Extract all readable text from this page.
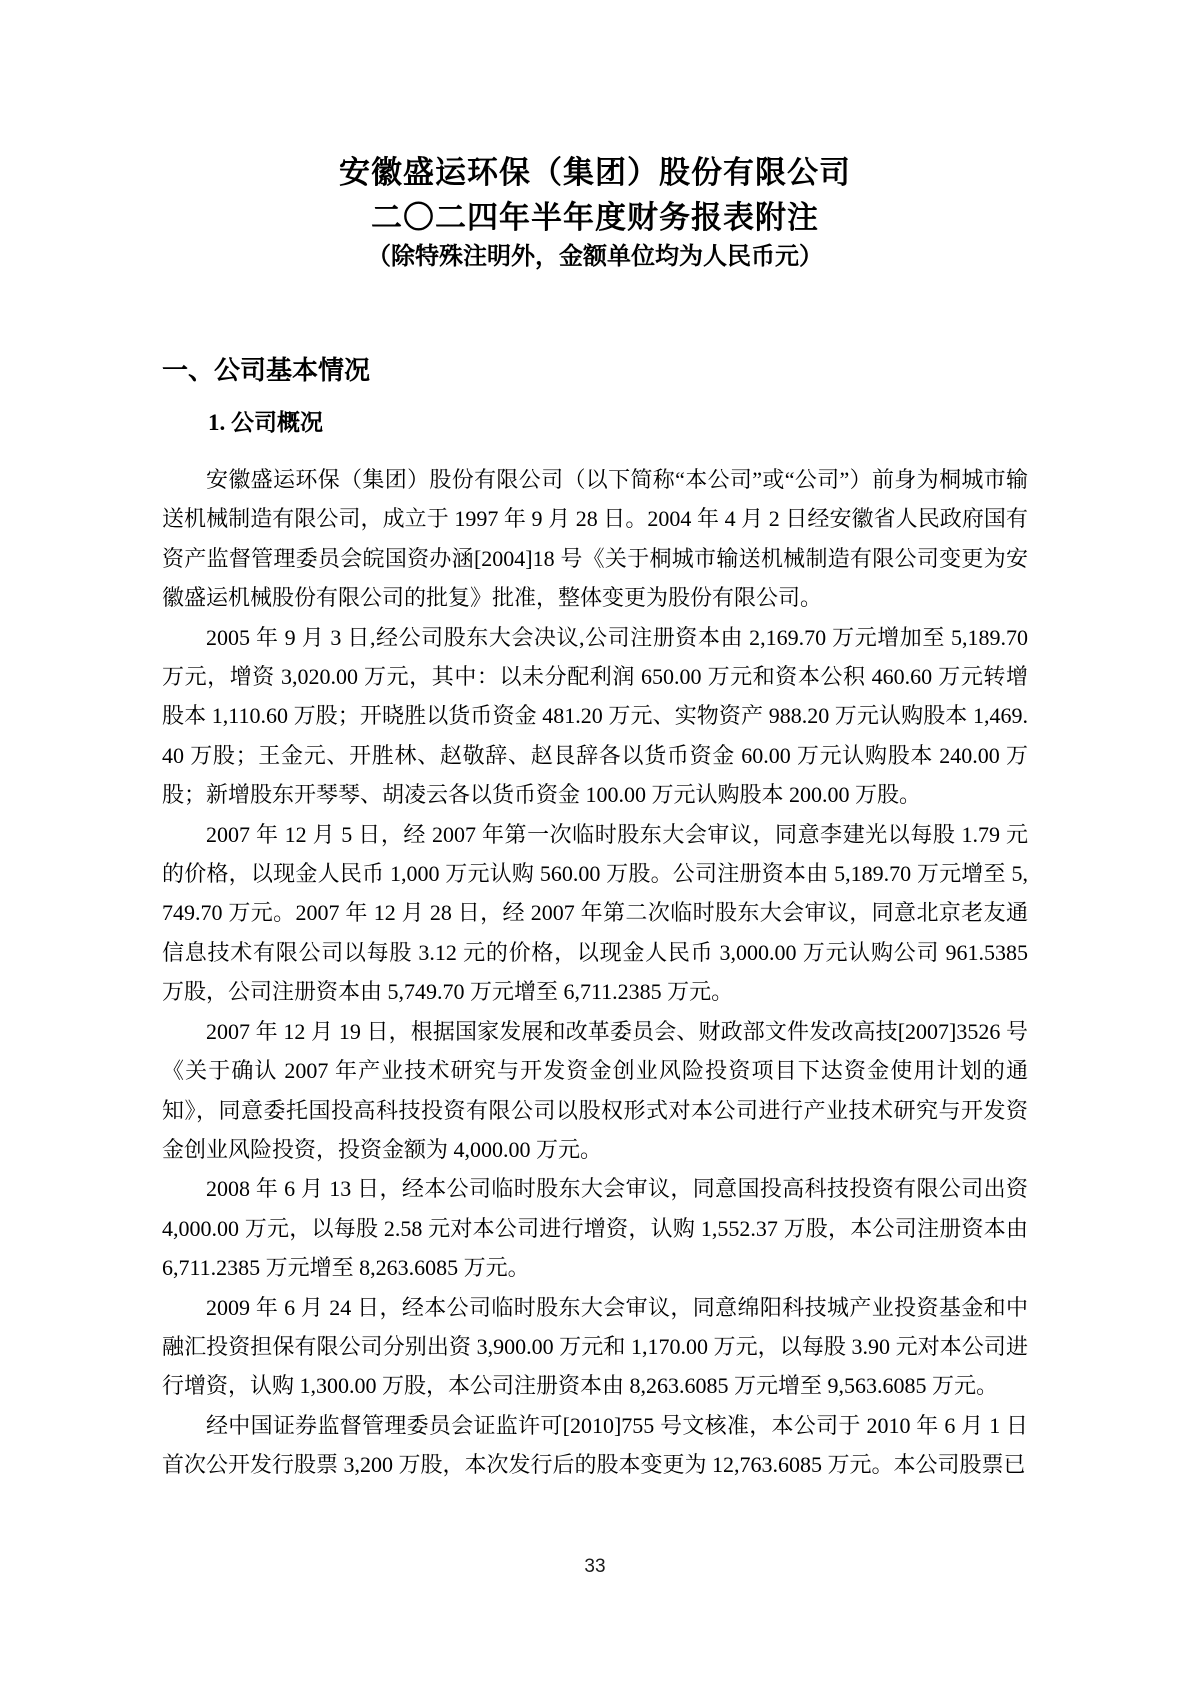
安徽盛运环保（集团）股份有限公司
二〇二四年半年度财务报表附注
（除特殊注明外，金额单位均为人民币元）
一、公司基本情况
1. 公司概况

安徽盛运环保（集团）股份有限公司（以下简称“本公司”或“公司”）前身为桐城市输送机械制造有限公司，成立于 1997 年 9 月 28 日。2004 年 4 月 2 日经安徽省人民政府国有资产监督管理委员会皖国资办涵[2004]18 号《关于桐城市输送机械制造有限公司变更为安徽盛运机械股份有限公司的批复》批准，整体变更为股份有限公司。

2005 年 9 月 3 日,经公司股东大会决议,公司注册资本由 2,169.70 万元增加至 5,189.70 万元，增资 3,020.00 万元，其中：以未分配利润 650.00 万元和资本公积 460.60 万元转增股本 1,110.60 万股；开晓胜以货币资金 481.20 万元、实物资产 988.20 万元认购股本 1,469.40 万股；王金元、开胜林、赵敬辞、赵艮辞各以货币资金 60.00 万元认购股本 240.00 万股；新增股东开琴琴、胡凌云各以货币资金 100.00 万元认购股本 200.00 万股。

2007 年 12 月 5 日，经 2007 年第一次临时股东大会审议，同意李建光以每股 1.79 元的价格，以现金人民币 1,000 万元认购 560.00 万股。公司注册资本由 5,189.70 万元增至 5,749.70 万元。2007 年 12 月 28 日，经 2007 年第二次临时股东大会审议，同意北京老友通信息技术有限公司以每股 3.12 元的价格，以现金人民币 3,000.00 万元认购公司 961.5385 万股，公司注册资本由 5,749.70 万元增至 6,711.2385 万元。

2007 年 12 月 19 日，根据国家发展和改革委员会、财政部文件发改高技[2007]3526 号《关于确认 2007 年产业技术研究与开发资金创业风险投资项目下达资金使用计划的通知》，同意委托国投高科技投资有限公司以股权形式对本公司进行产业技术研究与开发资金创业风险投资，投资金额为 4,000.00 万元。

2008 年 6 月 13 日，经本公司临时股东大会审议，同意国投高科技投资有限公司出资 4,000.00 万元，以每股 2.58 元对本公司进行增资，认购 1,552.37 万股，本公司注册资本由 6,711.2385 万元增至 8,263.6085 万元。

2009 年 6 月 24 日，经本公司临时股东大会审议，同意绵阳科技城产业投资基金和中融汇投资担保有限公司分别出资 3,900.00 万元和 1,170.00 万元，以每股 3.90 元对本公司进行增资，认购 1,300.00 万股，本公司注册资本由 8,263.6085 万元增至 9,563.6085 万元。

经中国证券监督管理委员会证监许可[2010]755 号文核准，本公司于 2010 年 6 月 1 日首次公开发行股票 3,200 万股，本次发行后的股本变更为 12,763.6085 万元。本公司股票已

33
